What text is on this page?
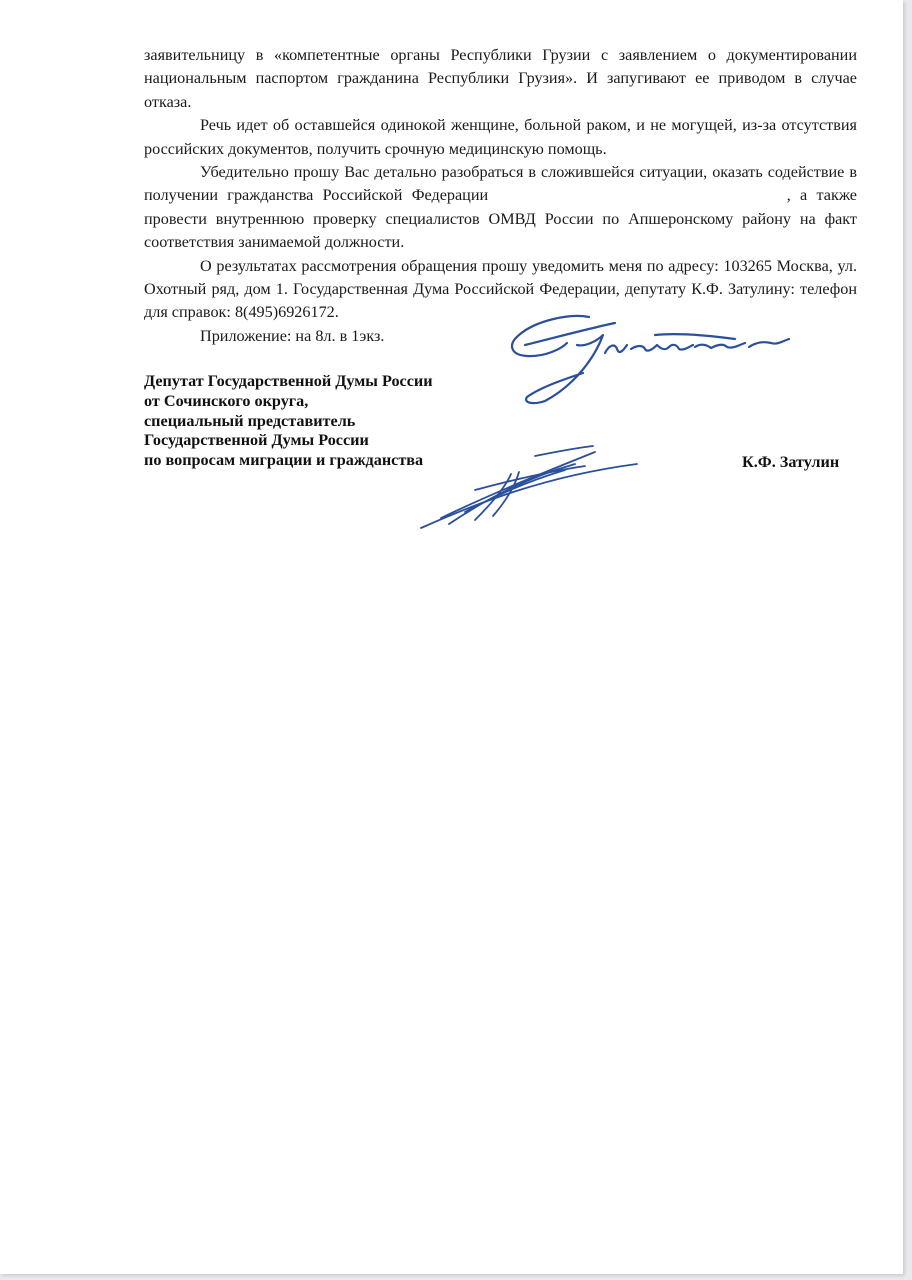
заявительницу в «компетентные органы Республики Грузии с заявлением о документировании национальным паспортом гражданина Республики Грузия». И запугивают ее приводом в случае отказа.

Речь идет об оставшейся одинокой женщине, больной раком, и не могущей, из-за отсутствия российских документов, получить срочную медицинскую помощь.

Убедительно прошу Вас детально разобраться в сложившейся ситуации, оказать содействие в получении гражданства Российской Федерации	, а также провести внутреннюю проверку специалистов ОМВД России по Апшеронскому району на факт соответствия занимаемой должности.

О результатах рассмотрения обращения прошу уведомить меня по адресу: 103265 Москва, ул. Охотный ряд, дом 1. Государственная Дума Российской Федерации, депутату К.Ф. Затулину: телефон для справок: 8(495)6926172.

Приложение: на 8л. в 1экз.

Депутат Государственной Думы России
от Сочинского округа,
специальный представитель
Государственной Думы России
по вопросам миграции и гражданства	К.Ф. Затулин
